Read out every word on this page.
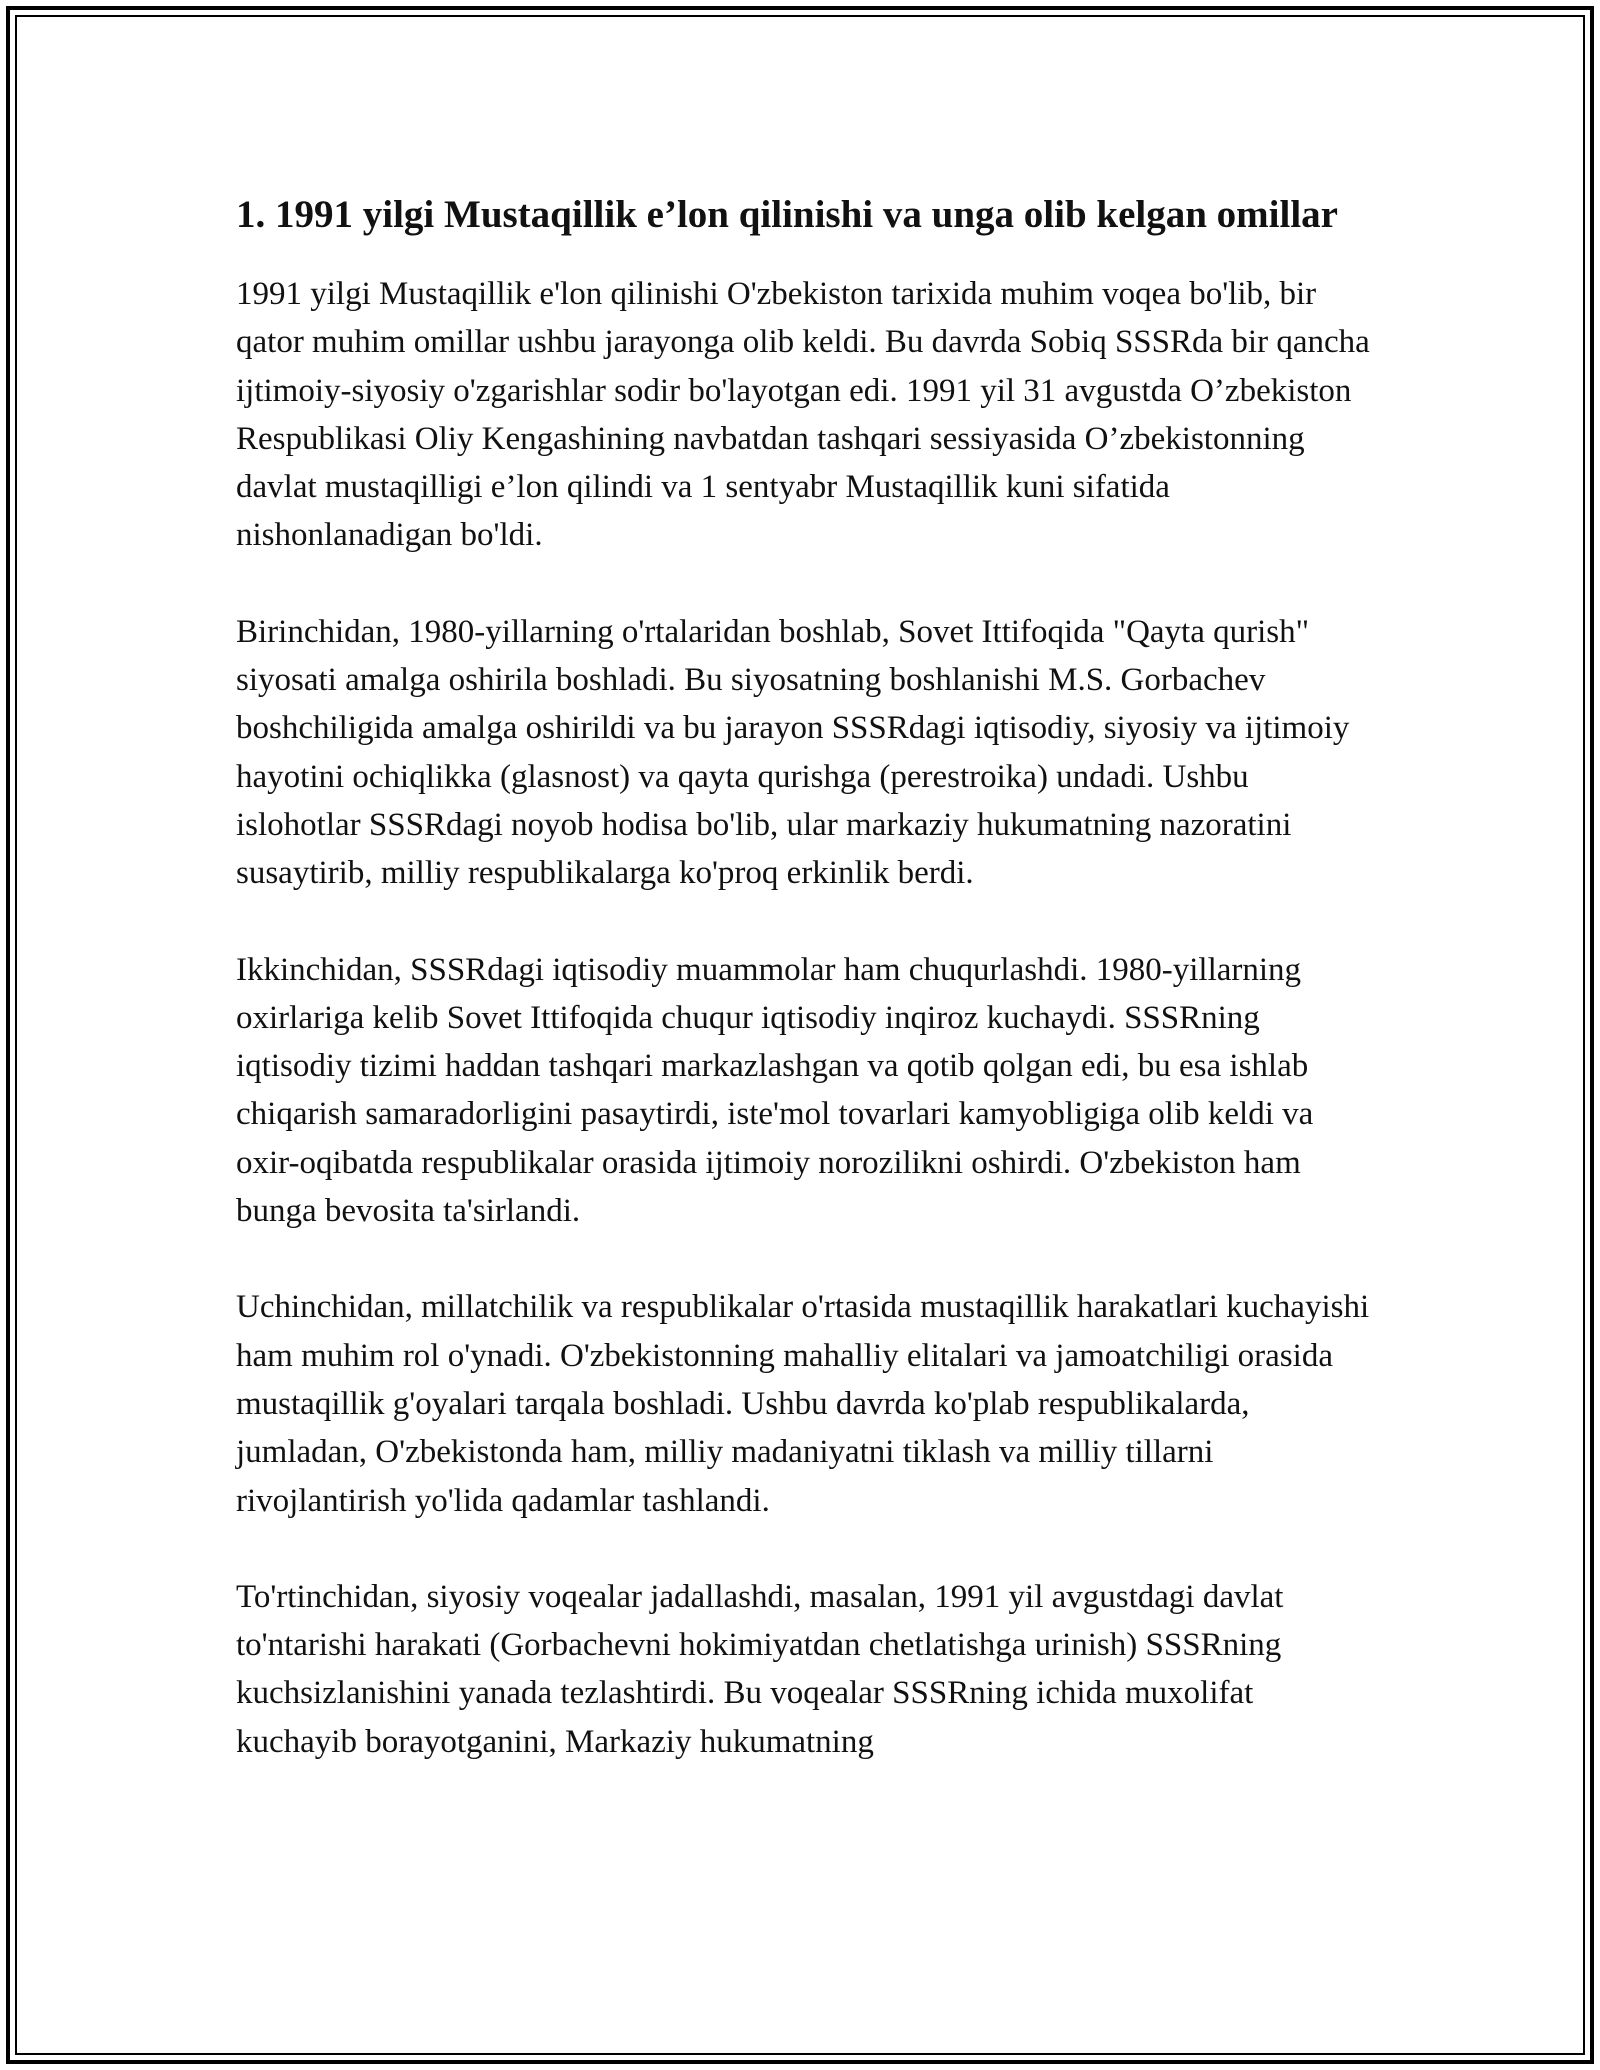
1. 1991 yilgi Mustaqillik e’lon qilinishi va unga olib kelgan omillar

1991 yilgi Mustaqillik e'lon qilinishi O'zbekiston tarixida muhim voqea bo'lib, bir qator muhim omillar ushbu jarayonga olib keldi. Bu davrda Sobiq SSSRda bir qancha ijtimoiy-siyosiy o'zgarishlar sodir bo'layotgan edi. 1991 yil 31 avgustda O’zbekiston Respublikasi Oliy Kengashining navbatdan tashqari sessiyasida O’zbekistonning davlat mustaqilligi e’lon qilindi va 1 sentyabr Mustaqillik kuni sifatida nishonlanadigan bo'ldi.

Birinchidan, 1980-yillarning o'rtalaridan boshlab, Sovet Ittifoqida "Qayta qurish" siyosati amalga oshirila boshladi. Bu siyosatning boshlanishi M.S. Gorbachev boshchiligida amalga oshirildi va bu jarayon SSSRdagi iqtisodiy, siyosiy va ijtimoiy hayotini ochiqlikka (glasnost) va qayta qurishga (perestroika) undadi. Ushbu islohotlar SSSRdagi noyob hodisa bo'lib, ular markaziy hukumatning nazoratini susaytirib, milliy respublikalarga ko'proq erkinlik berdi.

Ikkinchidan, SSSRdagi iqtisodiy muammolar ham chuqurlashdi. 1980-yillarning oxirlariga kelib Sovet Ittifoqida chuqur iqtisodiy inqiroz kuchaydi. SSSRning iqtisodiy tizimi haddan tashqari markazlashgan va qotib qolgan edi, bu esa ishlab chiqarish samaradorligini pasaytirdi, iste'mol tovarlari kamyobligiga olib keldi va oxir-oqibatda respublikalar orasida ijtimoiy norozilikni oshirdi. O'zbekiston ham bunga bevosita ta'sirlandi.

Uchinchidan, millatchilik va respublikalar o'rtasida mustaqillik harakatlari kuchayishi ham muhim rol o'ynadi. O'zbekistonning mahalliy elitalari va jamoatchiligi orasida mustaqillik g'oyalari tarqala boshladi. Ushbu davrda ko'plab respublikalarda, jumladan, O'zbekistonda ham, milliy madaniyatni tiklash va milliy tillarni rivojlantirish yo'lida qadamlar tashlandi.

To'rtinchidan, siyosiy voqealar jadallashdi, masalan, 1991 yil avgustdagi davlat to'ntarishi harakati (Gorbachevni hokimiyatdan chetlatishga urinish) SSSRning kuchsizlanishini yanada tezlashtirdi. Bu voqealar SSSRning ichida muxolifat kuchayib borayotganini, Markaziy hukumatning
